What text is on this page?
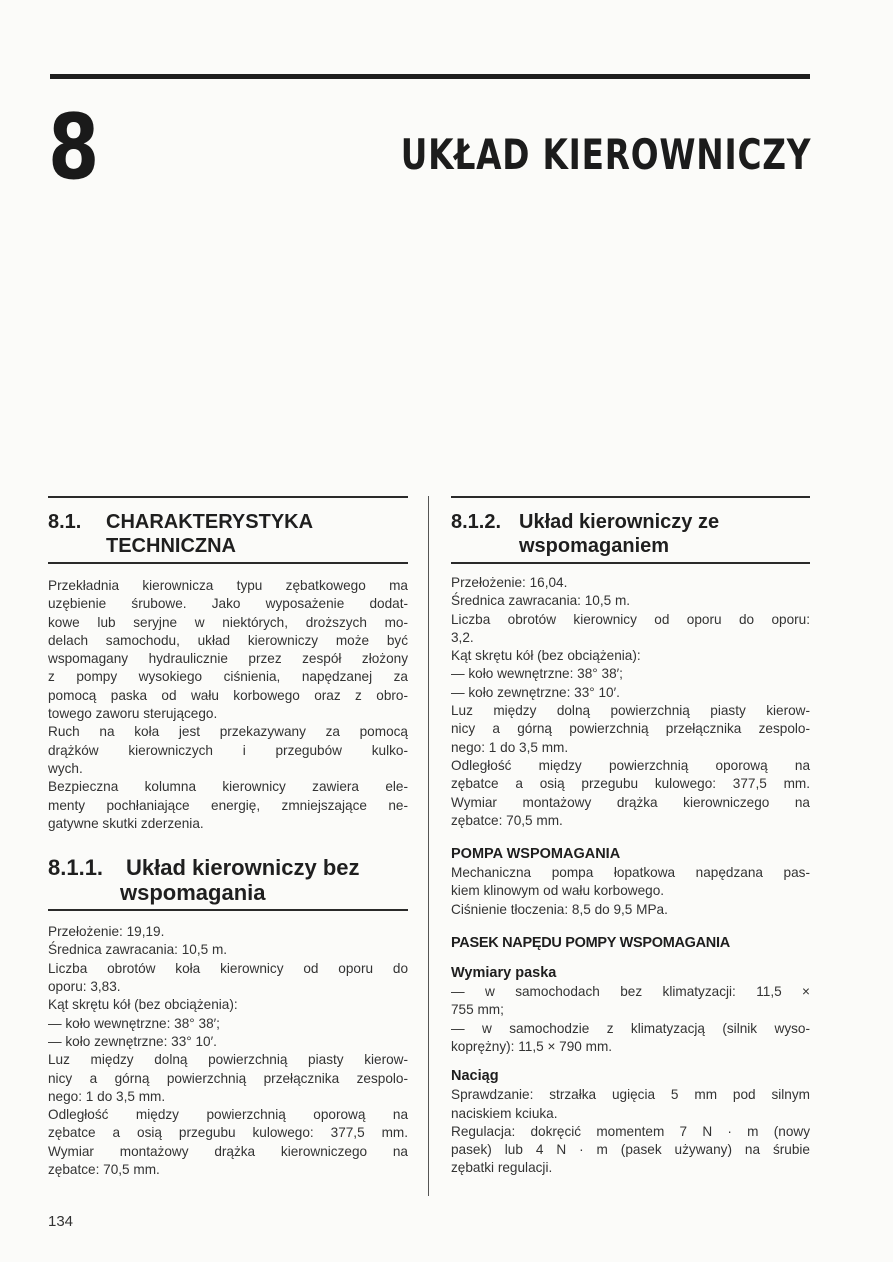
8	UKŁAD KIEROWNICZY
8.1. CHARAKTERYSTYKA
TECHNICZNA

Przekładnia kierownicza typu zębatkowego ma

uzębienie śrubowe. Jako wyposażenie dodat-

kowe lub seryjne w niektórych, droższych mo-

delach samochodu, układ kierowniczy może być

wspomagany hydraulicznie przez zespół złożony

z pompy wysokiego ciśnienia, napędzanej za

pomocą paska od wału korbowego oraz z obro-

towego zaworu sterującego.

Ruch na koła jest przekazywany za pomocą

drążków kierowniczych i przegubów kulko-

wych.

Bezpieczna kolumna kierownicy zawiera ele-

menty pochłaniające energię, zmniejszające ne-

gatywne skutki zderzenia.

8.1.1. Układ kierowniczy bez
wspomagania

Przełożenie: 19,19.

Średnica zawracania: 10,5 m.

Liczba obrotów koła kierownicy od oporu do

oporu: 3,83.

Kąt skrętu kół (bez obciążenia):

— koło wewnętrzne: 38° 38′;

— koło zewnętrzne: 33° 10′.

Luz między dolną powierzchnią piasty kierow-

nicy a górną powierzchnią przełącznika zespolo-

nego: 1 do 3,5 mm.

Odległość między powierzchnią oporową na

zębatce a osią przegubu kulowego: 377,5 mm.

Wymiar montażowy drążka kierowniczego na

zębatce: 70,5 mm.

8.1.2. Układ kierowniczy ze
wspomaganiem

Przełożenie: 16,04.

Średnica zawracania: 10,5 m.

Liczba obrotów kierownicy od oporu do oporu:

3,2.

Kąt skrętu kół (bez obciążenia):

— koło wewnętrzne: 38° 38′;

— koło zewnętrzne: 33° 10′.

Luz między dolną powierzchnią piasty kierow-

nicy a górną powierzchnią przełącznika zespolo-

nego: 1 do 3,5 mm.

Odległość między powierzchnią oporową na

zębatce a osią przegubu kulowego: 377,5 mm.

Wymiar montażowy drążka kierowniczego na

zębatce: 70,5 mm.

POMPA WSPOMAGANIA

Mechaniczna pompa łopatkowa napędzana pas-

kiem klinowym od wału korbowego.

Ciśnienie tłoczenia: 8,5 do 9,5 MPa.

PASEK NAPĘDU POMPY WSPOMAGANIA

Wymiary paska

— w samochodach bez klimatyzacji: 11,5 ×

755 mm;

— w samochodzie z klimatyzacją (silnik wyso-

koprężny): 11,5 × 790 mm.

Naciąg

Sprawdzanie: strzałka ugięcia 5 mm pod silnym

naciskiem kciuka.

Regulacja: dokręcić momentem 7 N · m (nowy

pasek) lub 4 N · m (pasek używany) na śrubie

zębatki regulacji.

134
